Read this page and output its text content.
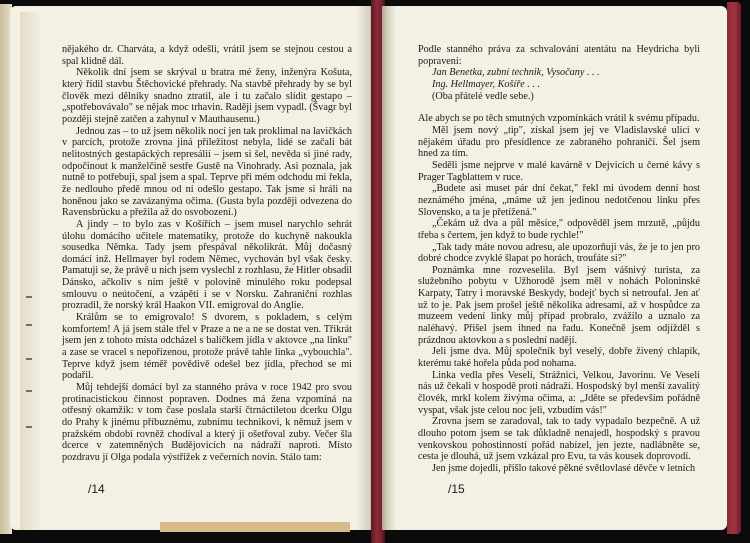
nějakého dr. Charváta, a když odešli, vrátil jsem se stejnou cestou a spal klidně dál.

Několik dní jsem se skrýval u bratra mé ženy, inženýra Košuta, který řídil stavbu Štěchovické přehrady. Na stavbě přehrady by se byl člověk mezi dělníky snadno ztratil, ale i tu začalo slídit gestapo – „spotřebovávalo" se nějak moc trhavin. Raději jsem vypadl. (Švagr byl později stejně zatčen a zahynul v Mauthausenu.)

Jednou zas – to už jsem několik nocí jen tak proklimal na lavičkách v parcích, protože zrovna jiná příležitost nebyla, lidé se začali bát nelitostných gestapáckých represálií – jsem si šel, nevěda si jiné rady, odpočinout k manželčině sestře Gustě na Vinohrady. Asi poznala, jak nutně to potřebuji, spal jsem a spal. Teprve při mém odchodu mi řekla, že nedlouho předě mnou od ní odešlo gestapo. Tak jsme si hráli na honěnou jako se zavázanýma očima. (Gusta byla později odvezena do Ravensbrücku a přežila až do osvobození.)

A jindy – to bylo zas v Košířích – jsem musel narychlo sehrát úlohu domácího učitele matematiky, protože do kuchyně nakoukla sousedka Němka. Tady jsem přespával několikrát. Můj dočasný domácí inž. Hellmayer byl rodem Němec, vychován byl však česky. Pamatuji se, že právě u nich jsem vyslechl z rozhlasu, že Hitler obsadil Dánsko, ačkoliv s ním ještě v polovině minulého roku podepsal smlouvu o neútočení, a vzápětí i se v Norsku. Zahraniční rozhlas prozradil, že norský král Haakon VII. emigroval do Anglie.

Králům se to emigrovalo! S dvorem, s pokladem, s celým komfortem! A já jsem stále třel v Praze a ne a ne se dostat ven. Třikrát jsem jen z tohoto místa odcházel s balíčkem jídla v aktovce „na linku" a zase se vracel s nepořízenou, protože právě tahle linka „vybouchla". Teprve když jsem téměř povědivě odešel bez jídla, přechod se mi podařil.

Můj tehdejší domácí byl za stanného práva v roce 1942 pro svou protinacistickou činnost popraven. Dodnes má žena vzpomíná na otřesný okamžik: v tom čase poslala starší čtrnáctiletou dcerku Olgu do Prahy k jinému příbuznému, zubnímu technikovi, k němuž jsem v pražském období rovněž chodíval a který ji ošetřoval zuby. Večer šla dcerce v zatemněných Budějovicích na nádraží naproti. Místo pozdravu jí Olga podala výstřižek z večerních novin. Stálo tam:

/14

Podle stanného práva za schvalování atentátu na Heydricha byli popraveni:

Jan Benetka, zubní technik, Vysočany . . .

Ing. Hellmayer, Košíře . . .

(Oba přátelé vedle sebe.)

Ale abych se po těch smutných vzpomínkách vrátil k svému případu.

Měl jsem nový „tip", získal jsem jej ve Vladislavské ulici v nějakém úřadu pro přesídlence ze zabraného pohraničí. Šel jsem hned za tím.

Seděli jsme nejprve v malé kavárně v Dejvicích u černé kávy s Prager Tagblattem v ruce.

„Budete asi muset pár dní čekat," řekl mi úvodem denní host neznámého jména, „máme už jen jedinou nedotčenou linku přes Slovensko, a ta je přetížená."

„Čekám už dva a půl měsíce," odpověděl jsem mrzutě, „půjdu třeba s čertem, jen když to bude rychle!"

„Tak tady máte novou adresu, ale upozorňuji vás, že je to jen pro dobré chodce zvyklé šlapat po horách, troufáte si?"

Poznámka mne rozveselila. Byl jsem vášnivý turista, za služebního pobytu v Užhorodě jsem měl v nohách Poloninské Karpaty, Tatry i moravské Beskydy, bodejť bych si netroufal. Jen ať už to je. Pak jsem prošel ještě několika adresami, až v hospůdce za muzeem vedení linky můj případ probralo, zvážilo a uznalo za naléhavý. Přišel jsem ihned na řadu. Konečně jsem odjížděl s prázdnou aktovkou a s poslední nadějí.

Jeli jsme dva. Můj společník byl veselý, dobře živený chlapík, kterému také hořela půda pod nohama.

Linka vedla přes Veselí, Strážnici, Velkou, Javorinu. Ve Veselí nás už čekali v hospodě proti nádraží. Hospodský byl menší zavalitý človék, mrkl kolem živýma očima, a: „Jděte se především pořádně vyspat, však jste celou noc jeli, vzbudím vás!"

Zrovna jsem se zaradoval, tak to tady vypadalo bezpečně. A už dlouho potom jsem se tak důkladně nenajedl, hospodský s pravou venkovskou pohostinností pořád nabízel, jen jezte, nadlábněte se, cesta je dlouhá, už jsem vzkázal pro Evu, ta vás kousek doprovodí.

Jen jsme dojedli, přišlo takové pěkné světlovlasé děvče v letních

/15
